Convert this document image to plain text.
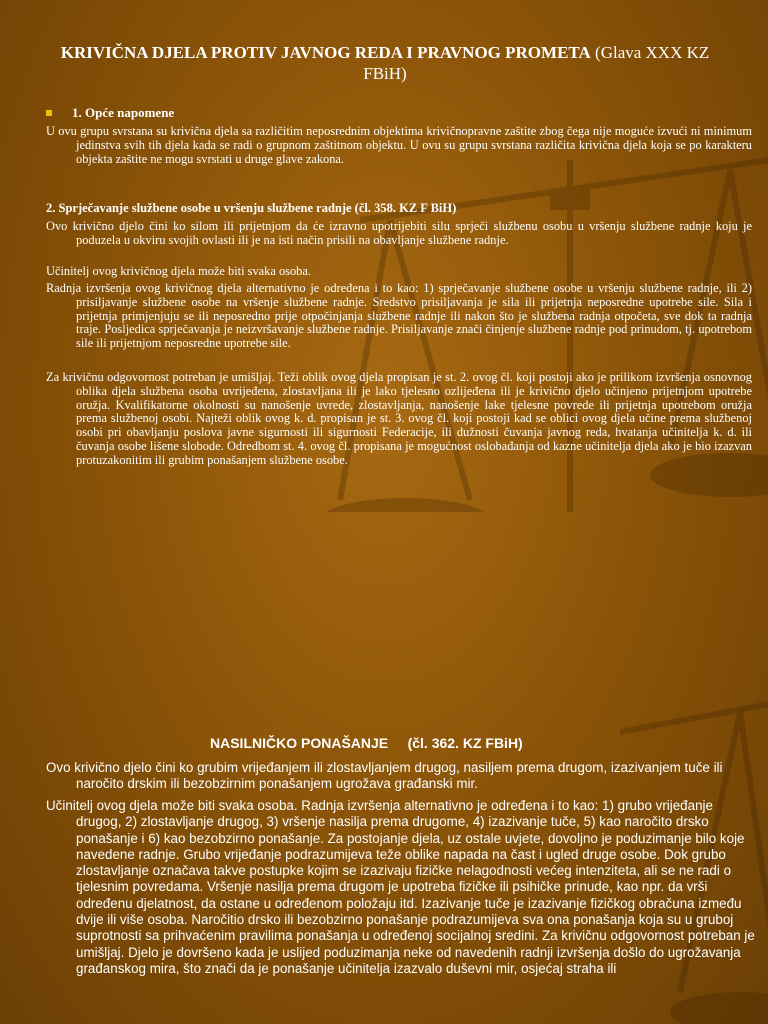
KRIVIČNA DJELA PROTIV JAVNOG REDA I PRAVNOG PROMETA (Glava XXX KZ FBiH)
1. Opće napomene

U ovu grupu svrstana su krivična djela sa različitim neposrednim objektima krivičnopravne zaštite zbog čega nije moguće izvući ni minimum jedinstva svih tih djela kada se radi o grupnom zaštitnom objektu. U ovu su grupu svrstana različita krivična djela koja se po karakteru objekta zaštite ne mogu svrstati u druge glave zakona.

2. Sprječavanje službene osobe u vršenju službene radnje (čl. 358. KZ F BiH)

Ovo krivično djelo čini ko silom ili prijetnjom da će izravno upotrijebiti silu sprječi službenu osobu u vršenju službene radnje koju je poduzela u okviru svojih ovlasti ili je na isti način prisili na obavljanje službene radnje.

Učinitelj ovog krivičnog djela može biti svaka osoba.

Radnja izvršenja ovog krivičnog djela alternativno je određena i to kao: 1) sprječavanje službene osobe u vršenju službene radnje, ili 2) prisiljavanje službene osobe na vršenje službene radnje. Sredstvo prisiljavanja je sila ili prijetnja neposredne upotrebe sile. Sila i prijetnja primjenjuju se ili neposredno prije otpočinjanja službene radnje ili nakon što je službena radnja otpočeta, sve dok ta radnja traje. Posljedica sprječavanja je neizvršavanje službene radnje. Prisiljavanje znači činjenje službene radnje pod prinudom, tj. upotrebom sile ili prijetnjom neposredne upotrebe sile.

Za krivičnu odgovornost potreban je umišljaj. Teži oblik ovog djela propisan je st. 2. ovog čl. koji postoji ako je prilikom izvršenja osnovnog oblika djela službena osoba uvrijeđena, zlostavljana ili je lako tjelesno ozlijeđena ili je krivično djelo učinjeno prijetnjom upotrebe oružja. Kvalifikatorne okolnosti su nanošenje uvrede, zlostavljanja, nanošenje lake tjelesne povrede ili prijetnja upotrebom oružja prema službenoj osobi. Najteži oblik ovog k. d. propisan je st. 3. ovog čl. koji postoji kad se oblici ovog djela učine prema službenoj osobi pri obavljanju poslova javne sigurnosti ili sigurnosti Federacije, ili dužnosti čuvanja javnog reda, hvatanja učinitelja k. d. ili čuvanja osobe lišene slobode. Odredbom st. 4. ovog čl. propisana je mogućnost oslobađanja od kazne učinitelja djela ako je bio izazvan protuzakonitim ili grubim ponašanjem službene osobe.

NASILNIČKO PONAŠANJE     (čl. 362. KZ FBiH)

Ovo krivično djelo čini ko grubim vrijeđanjem ili zlostavljanjem drugog, nasiljem prema drugom, izazivanjem tuče ili naročito drskim ili bezobzirnim ponašanjem ugrožava građanski mir.

Učinitelj ovog djela može biti svaka osoba. Radnja izvršenja alternativno je određena i to kao: 1) grubo vrijeđanje drugog, 2) zlostavljanje drugog, 3) vršenje nasilja prema drugome, 4) izazivanje tuče, 5) kao naročito drsko ponašanje i 6) kao bezobzirno ponašanje. Za postojanje djela, uz ostale uvjete, dovoljno je poduzimanje bilo koje navedene radnje. Grubo vrijeđanje podrazumijeva teže oblike napada na čast i ugled druge osobe. Dok grubo zlostavljanje označava takve postupke kojim se izazivaju fizičke nelagodnosti većeg intenziteta, ali se ne radi o tjelesnim povredama. Vršenje nasilja prema drugom je upotreba fizičke ili psihičke prinude, kao npr. da vrši određenu djelatnost, da ostane u određenom položaju itd. Izazivanje tuče je izazivanje fizičkog obračuna između dvije ili više osoba. Naročitio drsko ili bezobzirno ponašanje podrazumijeva sva ona ponašanja koja su u gruboj suprotnosti sa prihvaćenim pravilima ponašanja u određenoj socijalnoj sredini. Za krivičnu odgovornost potreban je umišljaj. Djelo je dovršeno kada je uslijed poduzimanja neke od navedenih radnji izvršenja došlo do ugrožavanja građanskog mira, što znači da je ponašanje učinitelja izazvalo duševni mir, osjećaj straha ili
